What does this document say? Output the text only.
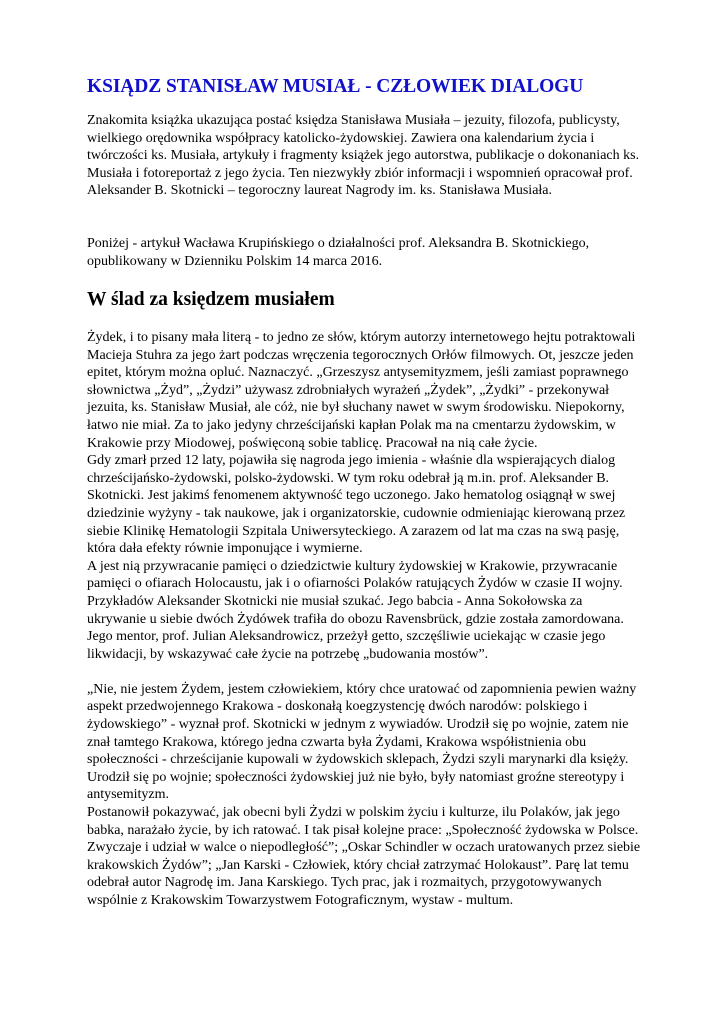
KSIĄDZ STANISŁAW MUSIAŁ - CZŁOWIEK DIALOGU

Znakomita książka ukazująca postać księdza Stanisława Musiała – jezuity, filozofa, publicysty, wielkiego orędownika współpracy katolicko-żydowskiej. Zawiera ona kalendarium życia i twórczości ks. Musiała, artykuły i fragmenty książek jego autorstwa, publikacje o dokonaniach ks. Musiała i fotoreportaż z jego życia. Ten niezwykły zbiór informacji i wspomnień opracował prof. Aleksander B. Skotnicki – tegoroczny laureat Nagrody im. ks. Stanisława Musiała.

Poniżej - artykuł Wacława Krupińskiego o działalności prof. Aleksandra B. Skotnickiego, opublikowany w Dzienniku Polskim 14 marca 2016.

W ślad za księdzem musiałem

Żydek, i to pisany mała literą - to jedno ze słów, którym autorzy internetowego hejtu potraktowali Macieja Stuhra za jego żart podczas wręczenia tegorocznych Orłów filmowych. Ot, jeszcze jeden epitet, którym można opluć. Naznaczyć. „Grzeszysz antysemityzmem, jeśli zamiast poprawnego słownictwa „Żyd”, „Żydzi” używasz zdrobniałych wyrażeń „Żydek”, „Żydki” - przekonywał jezuita, ks. Stanisław Musiał, ale cóż, nie był słuchany nawet w swym środowisku. Niepokorny, łatwo nie miał. Za to jako jedyny chrześcijański kapłan Polak ma na cmentarzu żydowskim, w Krakowie przy Miodowej, poświęconą sobie tablicę. Pracował na nią całe życie.

Gdy zmarł przed 12 laty, pojawiła się nagroda jego imienia - właśnie dla wspierających dialog chrześcijańsko-żydowski, polsko-żydowski. W tym roku odebrał ją m.in. prof. Aleksander B. Skotnicki. Jest jakimś fenomenem aktywność tego uczonego. Jako hematolog osiągnął w swej dziedzinie wyżyny - tak naukowe, jak i organizatorskie, cudownie odmieniając kierowaną przez siebie Klinikę Hematologii Szpitala Uniwersyteckiego. A zarazem od lat ma czas na swą pasję, która dała efekty równie imponujące i wymierne.

A jest nią przywracanie pamięci o dziedzictwie kultury żydowskiej w Krakowie, przywracanie pamięci o ofiarach Holocaustu, jak i o ofiarności Polaków ratujących Żydów w czasie II wojny. Przykładów Aleksander Skotnicki nie musiał szukać. Jego babcia - Anna Sokołowska za ukrywanie u siebie dwóch Żydówek trafiła do obozu Ravensbrück, gdzie została zamordowana. Jego mentor, prof. Julian Aleksandrowicz, przeżył getto, szczęśliwie uciekając w czasie jego likwidacji, by wskazywać całe życie na potrzebę „budowania mostów”.

„Nie, nie jestem Żydem, jestem człowiekiem, który chce uratować od zapomnienia pewien ważny aspekt przedwojennego Krakowa - doskonałą koegzystencję dwóch narodów: polskiego i żydowskiego” - wyznał prof. Skotnicki w jednym z wywiadów. Urodził się po wojnie, zatem nie znał tamtego Krakowa, którego jedna czwarta była Żydami, Krakowa współistnienia obu społeczności - chrześcijanie kupowali w żydowskich sklepach, Żydzi szyli marynarki dla księży. Urodził się po wojnie; społeczności żydowskiej już nie było, były natomiast groźne stereotypy i antysemityzm.

Postanowił pokazywać, jak obecni byli Żydzi w polskim życiu i kulturze, ilu Polaków, jak jego babka, narażało życie, by ich ratować. I tak pisał kolejne prace: „Społeczność żydowska w Polsce. Zwyczaje i udział w walce o niepodległość”; „Oskar Schindler w oczach uratowanych przez siebie krakowskich Żydów”; „Jan Karski - Człowiek, który chciał zatrzymać Holokaust”. Parę lat temu odebrał autor Nagrodę im. Jana Karskiego. Tych prac, jak i rozmaitych, przygotowywanych wspólnie z Krakowskim Towarzystwem Fotograficznym, wystaw - multum.
